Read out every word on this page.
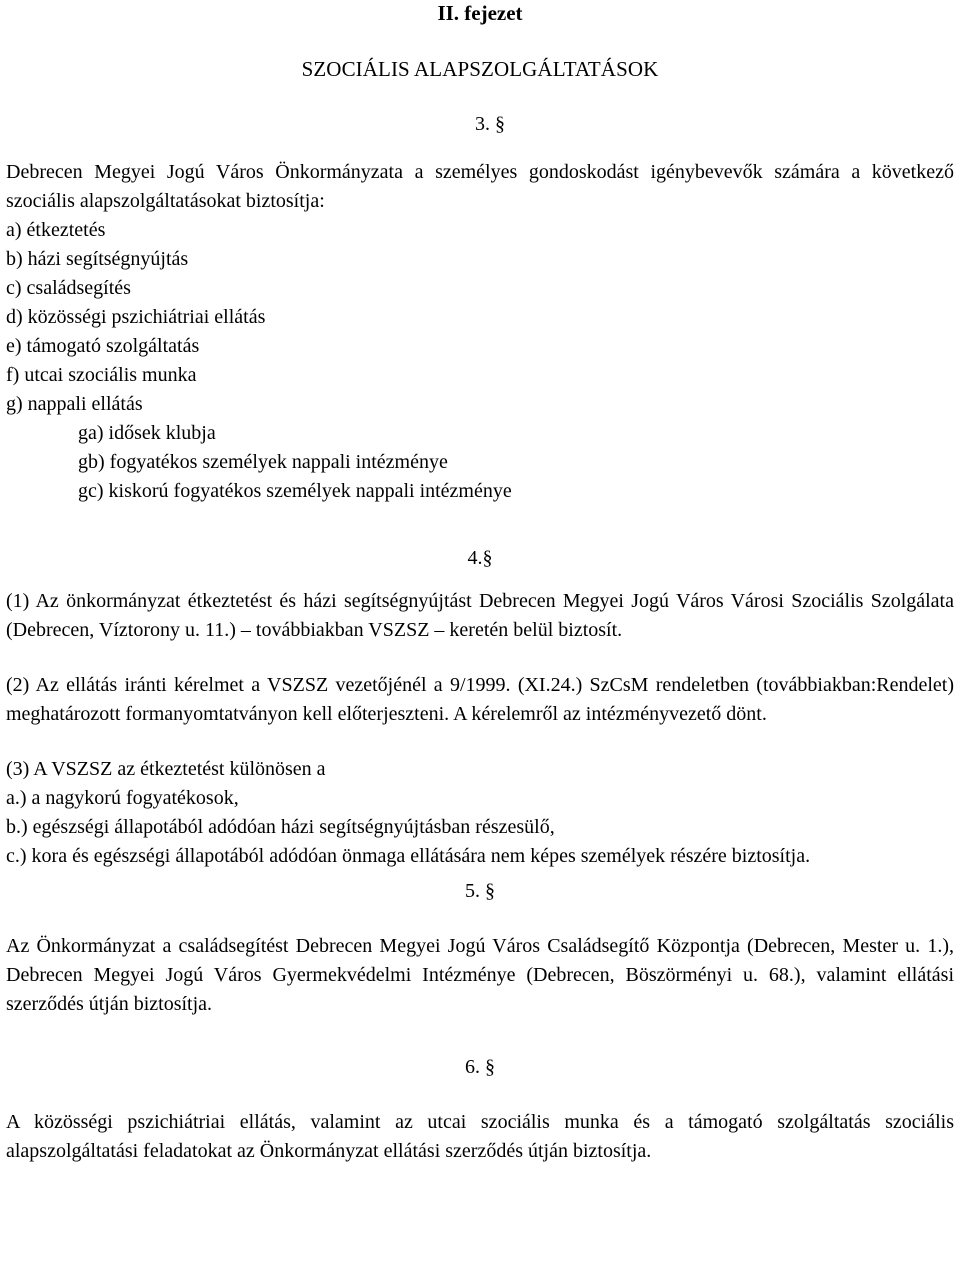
II. fejezet
SZOCIÁLIS ALAPSZOLGÁLTATÁSOK

3. §

Debrecen Megyei Jogú Város Önkormányzata a személyes gondoskodást igénybevevők számára a következő szociális alapszolgáltatásokat biztosítja:

a) étkeztetés
b) házi segítségnyújtás
c) családsegítés
d) közösségi pszichiátriai ellátás
e) támogató szolgáltatás
f) utcai szociális munka
g) nappali ellátás
ga) idősek klubja
gb) fogyatékos személyek nappali intézménye
gc) kiskorú fogyatékos személyek nappali intézménye

4.§

(1) Az önkormányzat étkeztetést és házi segítségnyújtást Debrecen Megyei Jogú Város Városi Szociális Szolgálata (Debrecen, Víztorony u. 11.) – továbbiakban VSZSZ – keretén belül biztosít.

(2) Az ellátás iránti kérelmet a VSZSZ vezetőjénél a 9/1999. (XI.24.) SzCsM rendeletben (továbbiakban:Rendelet) meghatározott formanyomtatványon kell előterjeszteni. A kérelemről az intézményvezető dönt.

(3) A VSZSZ az étkeztetést különösen a

a.) a nagykorú fogyatékosok,

b.) egészségi állapotából adódóan házi segítségnyújtásban részesülő,

c.) kora és egészségi állapotából adódóan önmaga ellátására nem képes személyek részére biztosítja.

5. §

Az Önkormányzat a családsegítést Debrecen Megyei Jogú Város Családsegítő Központja (Debrecen, Mester u. 1.), Debrecen Megyei Jogú Város Gyermekvédelmi Intézménye (Debrecen, Böszörményi u. 68.), valamint ellátási szerződés útján biztosítja.

6. §

A közösségi pszichiátriai ellátás, valamint az utcai szociális munka és a támogató szolgáltatás szociális alapszolgáltatási feladatokat az Önkormányzat ellátási szerződés útján biztosítja.
